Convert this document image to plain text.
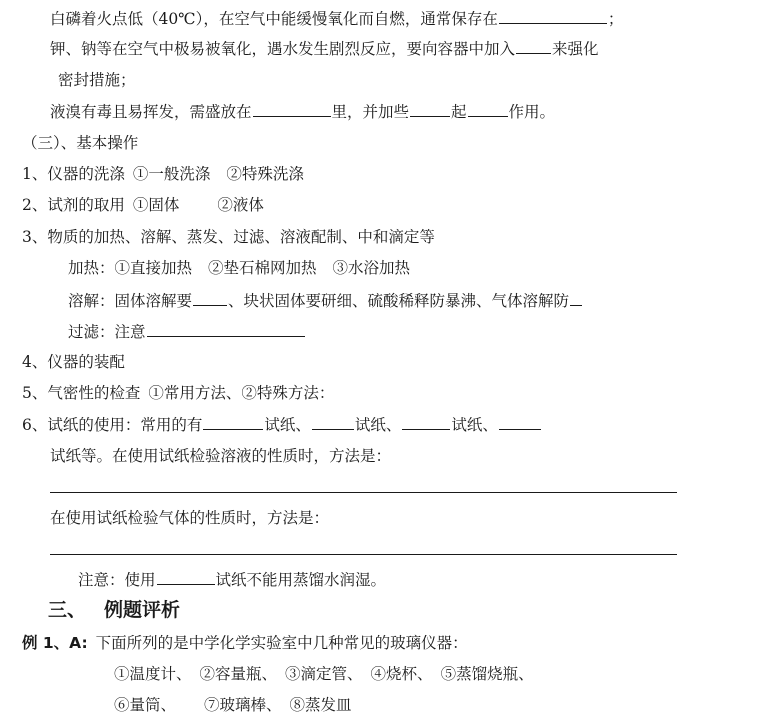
白磷着火点低（40℃），在空气中能缓慢氧化而自燃，通常保存在	；
钾、钠等在空气中极易被氧化，遇水发生剧烈反应，要向容器中加入 来强化
密封措施；
液溴有毒且易挥发，需盛放在	里，并加些	起	作用。
（三）、基本操作
1、仪器的洗涤 ①一般洗涤 ②特殊洗涤
2、试剂的取用 ①固体 ②液体
3、物质的加热、溶解、蒸发、过滤、溶液配制、中和滴定等
加热：①直接加热 ②垫石棉网加热 ③水浴加热
溶解：固体溶解要 、块状固体要研细、硫酸稀释防暴沸、气体溶解防
过滤：注意
4、仪器的装配
5、气密性的检查 ①常用方法、②特殊方法：
6、试纸的使用：常用的有	试纸、	试纸、	试纸、
试纸等。在使用试纸检验溶液的性质时，方法是：
在使用试纸检验气体的性质时，方法是：
注意：使用	试纸不能用蒸馏水润湿。
三、 例题评析
例 1、A: 下面所列的是中学化学实验室中几种常见的玻璃仪器：
①温度计、 ②容量瓶、 ③滴定管、 ④烧杯、 ⑤蒸馏烧瓶、
⑥量筒、 ⑦玻璃棒、 ⑧蒸发皿
